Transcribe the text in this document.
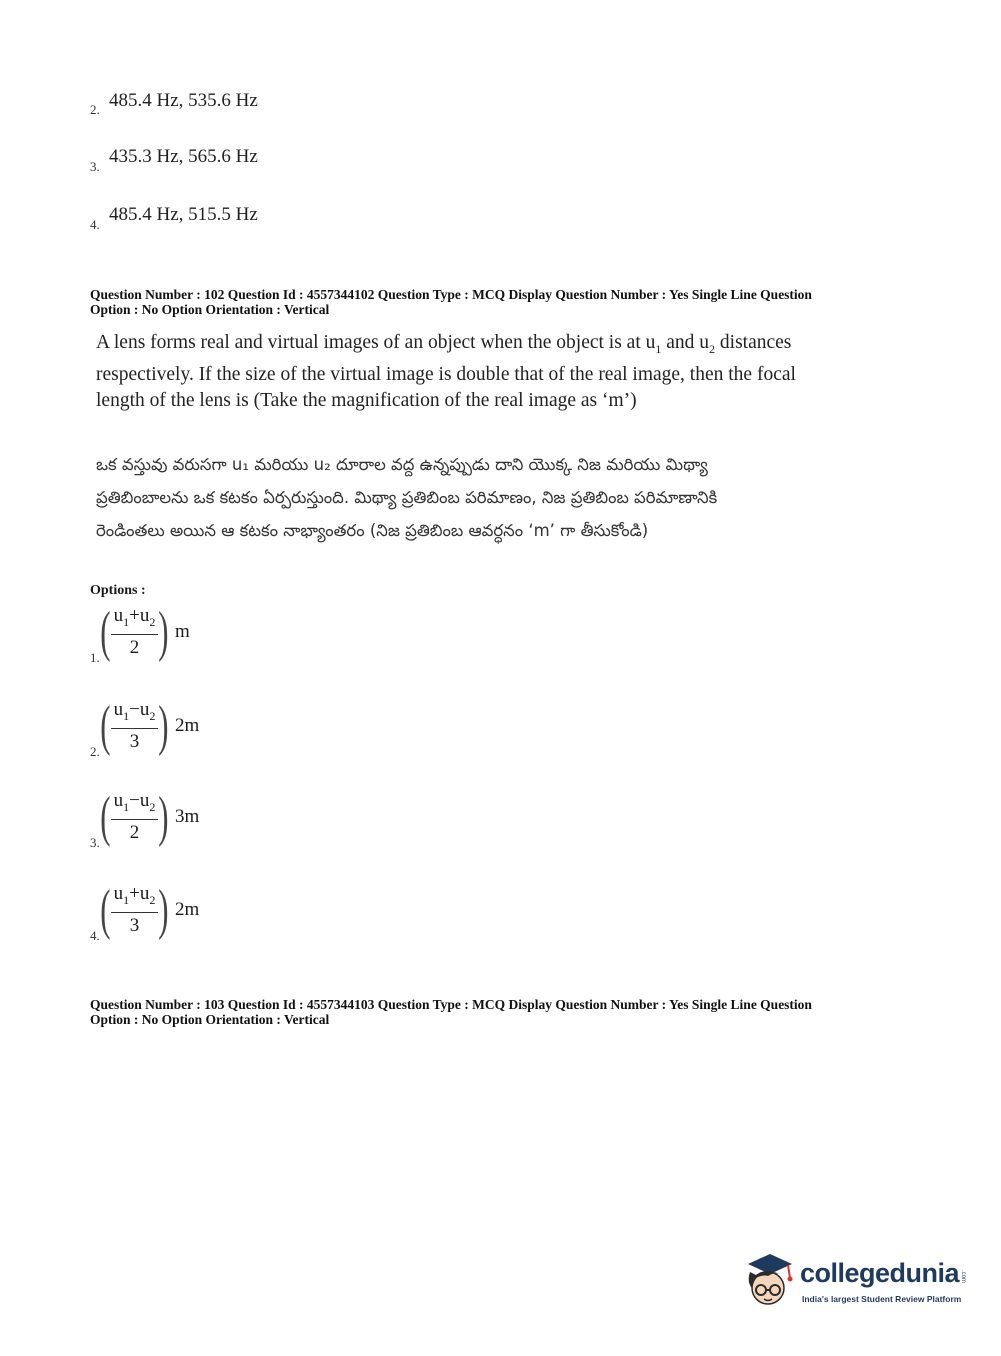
2. 485.4 Hz, 535.6 Hz
3. 435.3 Hz, 565.6 Hz
4. 485.4 Hz, 515.5 Hz
Question Number : 102 Question Id : 4557344102 Question Type : MCQ Display Question Number : Yes Single Line Question
Option : No Option Orientation : Vertical
A lens forms real and virtual images of an object when the object is at $u_1$ and $u_2$ distances
respectively. If the size of the virtual image is double that of the real image, then the focal
length of the lens is (Take the magnification of the real image as ‘m’)
ఒక వస్తువు వరుసగా u₁ మరియు u₂ దూరాల వద్ద ఉన్నప్పుడు దాని యొక్క నిజ మరియు మిథ్యా
ప్రతిబింబాలను ఒక కటకం ఏర్పరుస్తుంది. మిథ్యా ప్రతిబింబ పరిమాణం, నిజ ప్రతిబింబ పరిమాణానికి
రెండింతలు అయిన ఆ కటకం నాభ్యాంతరం (నిజ ప్రతిబింబ ఆవర్ధనం ‘m’ గా తీసుకోండి)
Options :
1. ( $\frac{u_1+u_2}{2}$ ) m
2. ( $\frac{u_1-u_2}{3}$ ) 2m
3. ( $\frac{u_1-u_2}{2}$ ) 3m
4. ( $\frac{u_1+u_2}{3}$ ) 2m
Question Number : 103 Question Id : 4557344103 Question Type : MCQ Display Question Number : Yes Single Line Question
Option : No Option Orientation : Vertical
collegedunia .com
India's largest Student Review Platform
